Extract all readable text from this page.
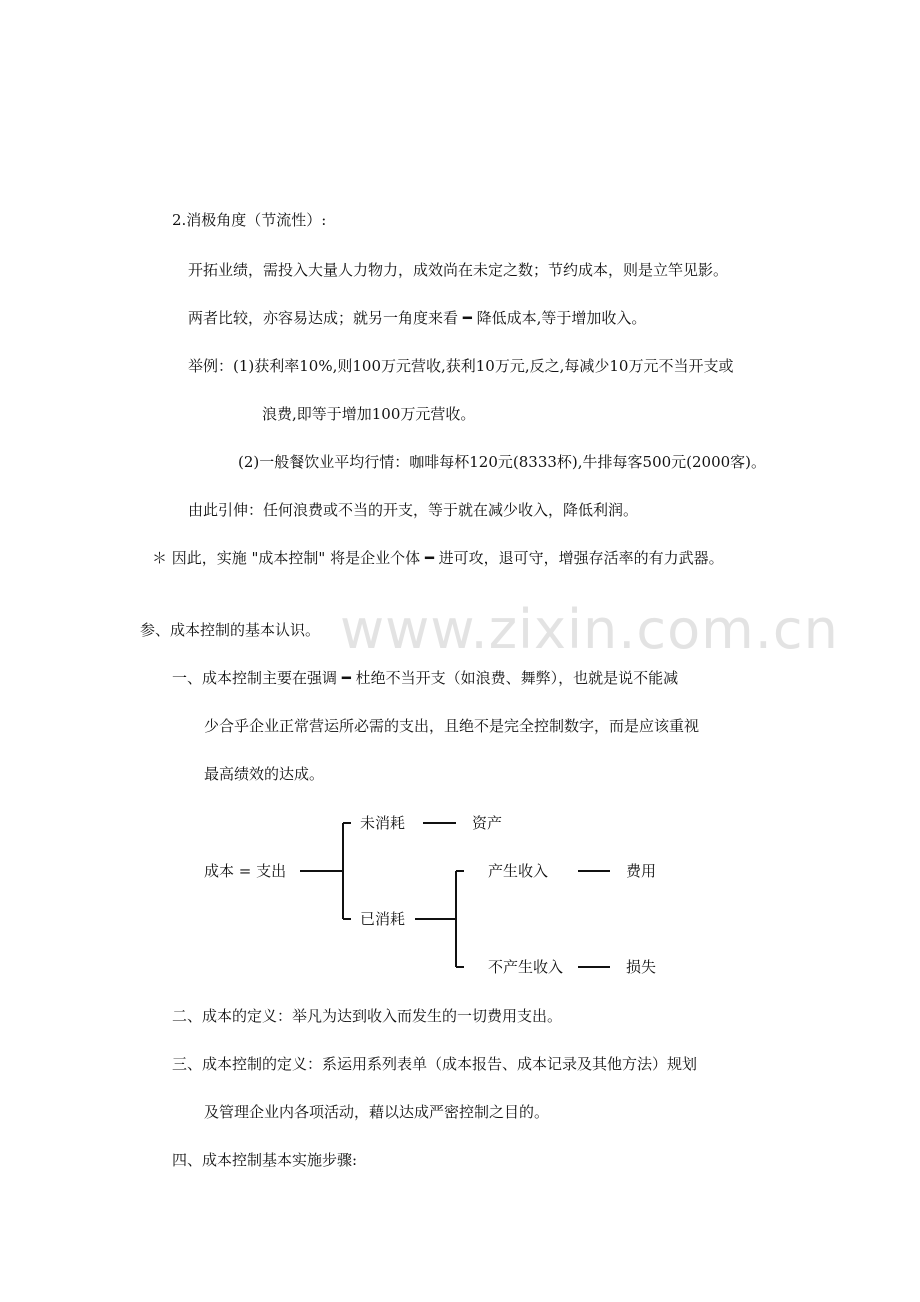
www.zixin.com.cn
2.消极角度（节流性）:
开拓业绩，需投入大量人力物力，成效尚在未定之数；节约成本，则是立竿见影。
两者比较，亦容易达成；就另一角度来看 ━ 降低成本,等于增加收入。
举例：(1)获利率10%,则100万元营收,获利10万元,反之,每减少10万元不当开支或
浪费,即等于增加100万元营收。
(2)一般餐饮业平均行情：咖啡每杯120元(8333杯),牛排每客500元(2000客)。
由此引伸：任何浪费或不当的开支，等于就在减少收入，降低利润。
＊ 因此，实施 "成本控制" 将是企业个体 ━ 进可攻，退可守，增强存活率的有力武器。
参、成本控制的基本认识。
一、成本控制主要在强调 ━ 杜绝不当开支（如浪费、舞弊），也就是说不能减
少合乎企业正常营运所必需的支出，且绝不是完全控制数字，而是应该重视
最高绩效的达成。
成本 = 支出
未消耗	资产
已消耗
产生收入	费用
不产生收入	损失
二、成本的定义：举凡为达到收入而发生的一切费用支出。
三、成本控制的定义：系运用系列表单（成本报告、成本记录及其他方法）规划
及管理企业内各项活动，藉以达成严密控制之目的。
四、成本控制基本实施步骤:
